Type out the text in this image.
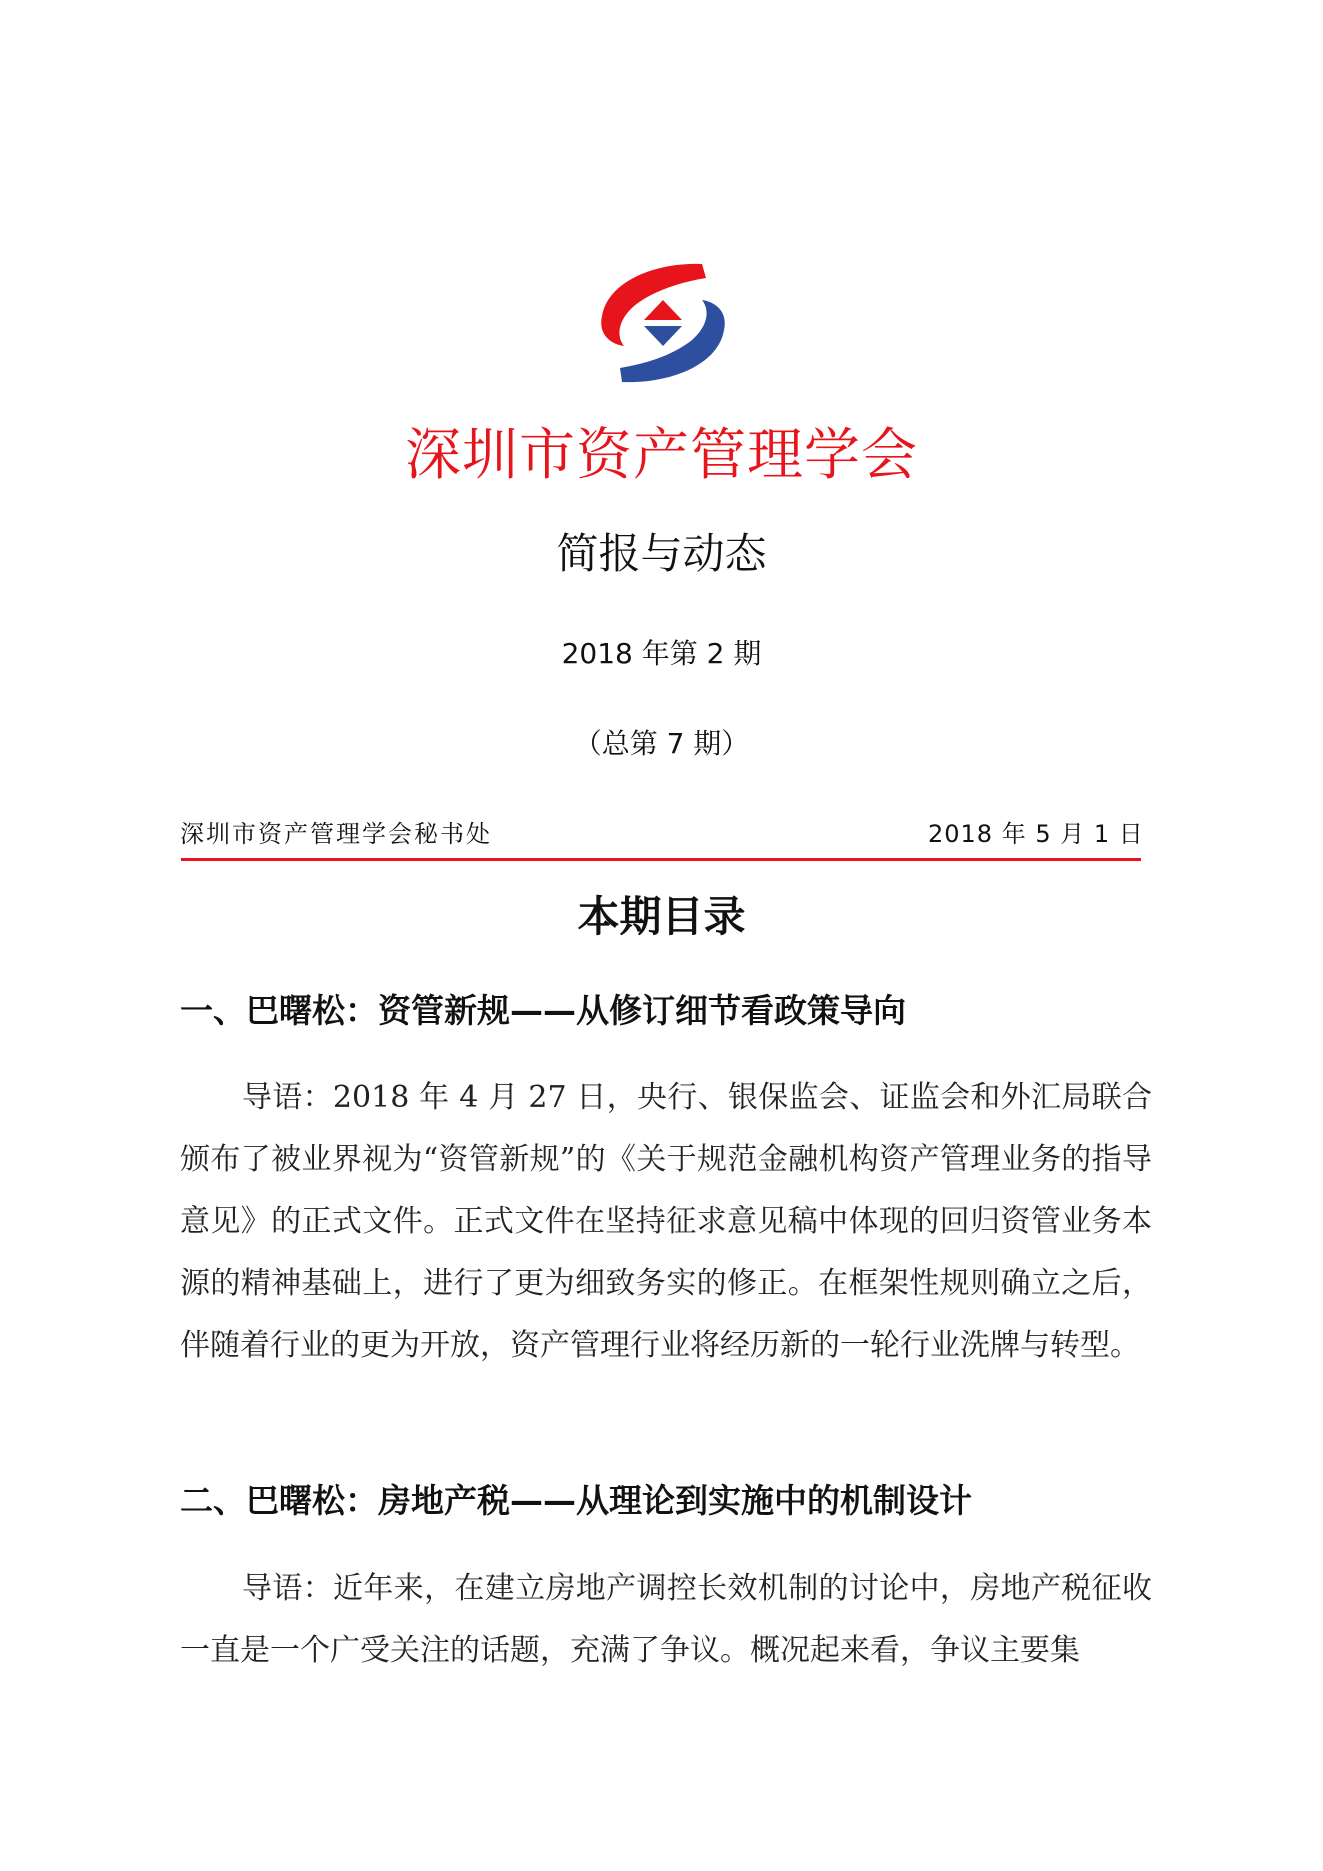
深圳市资产管理学会
简报与动态
2018 年第 2 期
（总第 7 期）
深圳市资产管理学会秘书处	2018 年 5 月 1 日
本期目录
一、巴曙松：资管新规——从修订细节看政策导向

导语：2018 年 4 月 27 日，央行、银保监会、证监会和外汇局联合颁布了被业界视为“资管新规”的《关于规范金融机构资产管理业务的指导意见》的正式文件。正式文件在坚持征求意见稿中体现的回归资管业务本源的精神基础上，进行了更为细致务实的修正。在框架性规则确立之后，伴随着行业的更为开放，资产管理行业将经历新的一轮行业洗牌与转型。

二、巴曙松：房地产税——从理论到实施中的机制设计

导语：近年来，在建立房地产调控长效机制的讨论中，房地产税征收一直是一个广受关注的话题，充满了争议。概况起来看，争议主要集
